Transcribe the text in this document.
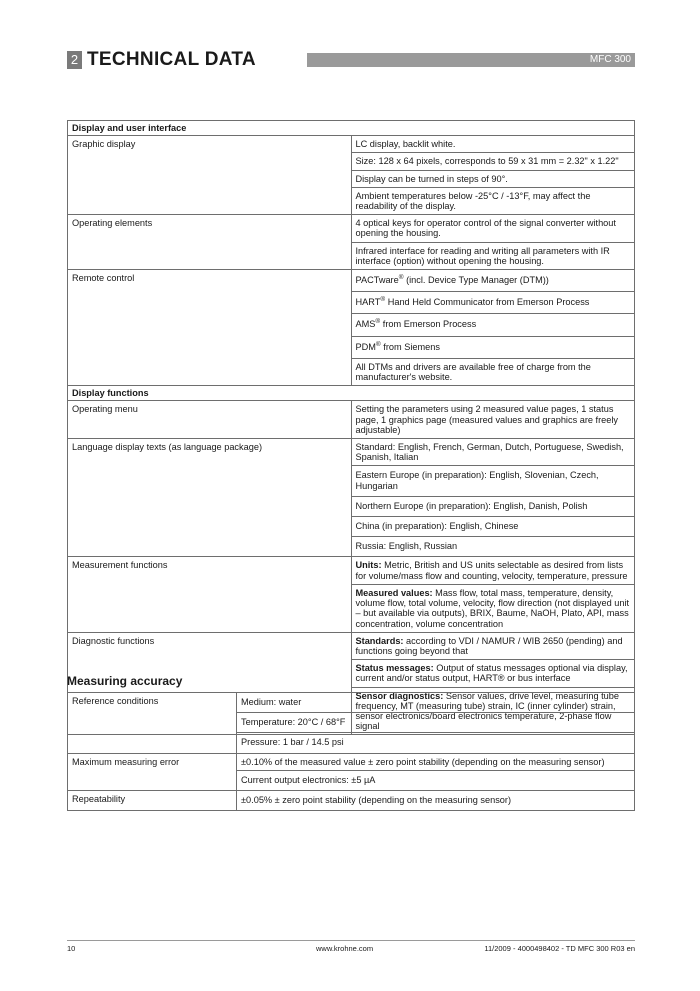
2 TECHNICAL DATA	MFC 300
Display and user interface	
Graphic display	LC display, backlit white.
	Size: 128 x 64 pixels, corresponds to 59 x 31 mm = 2.32" x 1.22"
	Display can be turned in steps of 90°.
	Ambient temperatures below -25°C / -13°F, may affect the readability of the display.
Operating elements	4 optical keys for operator control of the signal converter without opening the housing.
	Infrared interface for reading and writing all parameters with IR interface (option) without opening the housing.
Remote control	PACTware® (incl. Device Type Manager (DTM))
	HART® Hand Held Communicator from Emerson Process
	AMS® from Emerson Process
	PDM® from Siemens
	All DTMs and drivers are available free of charge from the manufacturer's website.
Display functions	
Operating menu	Setting the parameters using 2 measured value pages, 1 status page, 1 graphics page (measured values and graphics are freely adjustable)
Language display texts (as language package)	Standard: English, French, German, Dutch, Portuguese, Swedish, Spanish, Italian
	Eastern Europe (in preparation): English, Slovenian, Czech, Hungarian
	Northern Europe (in preparation): English, Danish, Polish
	China (in preparation): English, Chinese
	Russia: English, Russian
Measurement functions	Units: Metric, British and US units selectable as desired from lists for volume/mass flow and counting, velocity, temperature, pressure
	Measured values: Mass flow, total mass, temperature, density, volume flow, total volume, velocity, flow direction (not displayed unit – but available via outputs), BRIX, Baume, NaOH, Plato, API, mass concentration, volume concentration
Diagnostic functions	Standards: according to VDI / NAMUR / WIB 2650 (pending) and functions going beyond that
	Status messages: Output of status messages optional via display, current and/or status output, HART® or bus interface
	Sensor diagnostics: Sensor values, drive level, measuring tube frequency, MT (measuring tube) strain, IC (inner cylinder) strain, sensor electronics/board electronics temperature, 2-phase flow signal
Measuring accuracy
Reference conditions	Medium: water
	Temperature: 20°C / 68°F
	Pressure: 1 bar / 14.5 psi
Maximum measuring error	±0.10% of the measured value ± zero point stability (depending on the measuring sensor)
	Current output electronics: ±5 µA
Repeatability	±0.05% ± zero point stability (depending on the measuring sensor)
10	www.krohne.com	11/2009 - 4000498402 - TD MFC 300 R03 en
